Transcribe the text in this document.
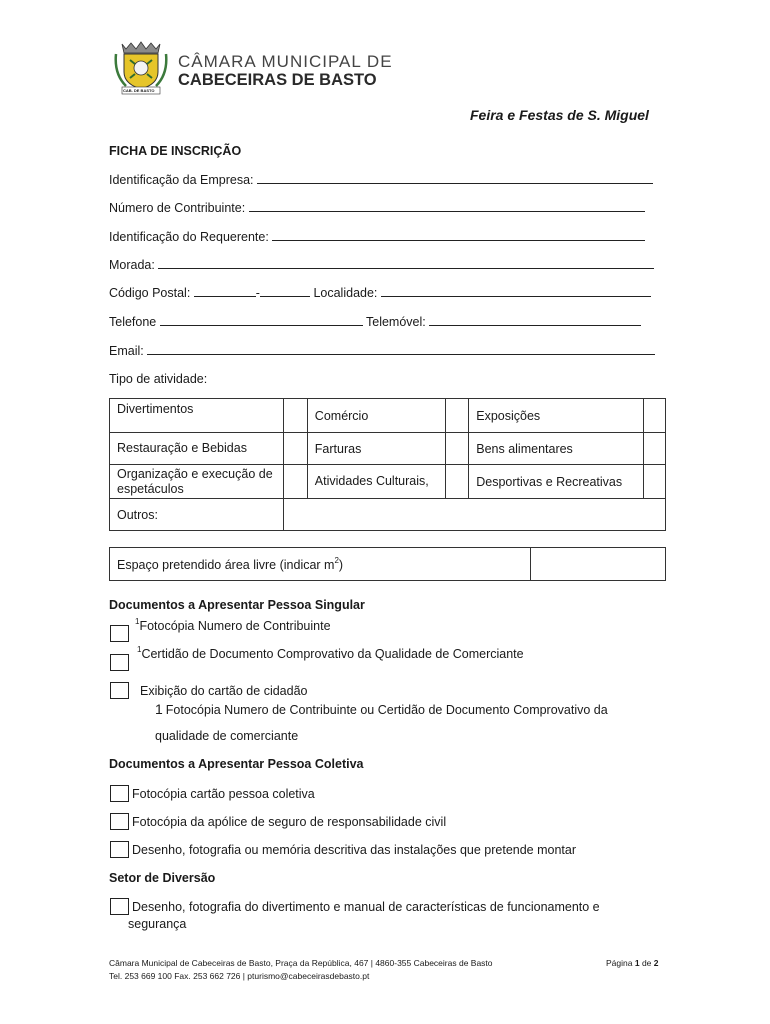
CAB. DE BASTO
CÂMARA MUNICIPAL DE
CABECEIRAS DE BASTO
Feira e Festas de S. Miguel
FICHA DE INSCRIÇÃO
Identificação da Empresa:
Número de Contribuinte:
Identificação do Requerente:
Morada:
Código Postal:	-	Localidade:
Telefone	Telemóvel:
Email:
Tipo de atividade:
Divertimentos		Comércio		Exposições	
Restauração e Bebidas		Farturas		Bens alimentares	
Organização e execução de espetáculos		Atividades Culturais,		Desportivas e Recreativas	
Outros:					
Espaço pretendido área livre (indicar $m^2$)	
Documentos a Apresentar Pessoa Singular
$^1$Fotocópia Numero de Contribuinte
$^1$Certidão de Documento Comprovativo da Qualidade de Comerciante
Exibição do cartão de cidadão
1 Fotocópia Numero de Contribuinte ou Certidão de Documento Comprovativo da
qualidade de comerciante
Documentos a Apresentar Pessoa Coletiva
Fotocópia cartão pessoa coletiva
Fotocópia da apólice de seguro de responsabilidade civil
Desenho, fotografia ou memória descritiva das instalações que pretende montar
Setor de Diversão
Desenho, fotografia do divertimento e manual de características de funcionamento e
segurança
Câmara Municipal de Cabeceiras de Basto, Praça da República, 467 | 4860-355 Cabeceiras de Basto
Tel. 253 669 100 Fax. 253 662 726 | pturismo@cabeceirasdebasto.pt
Página 1 de 2
